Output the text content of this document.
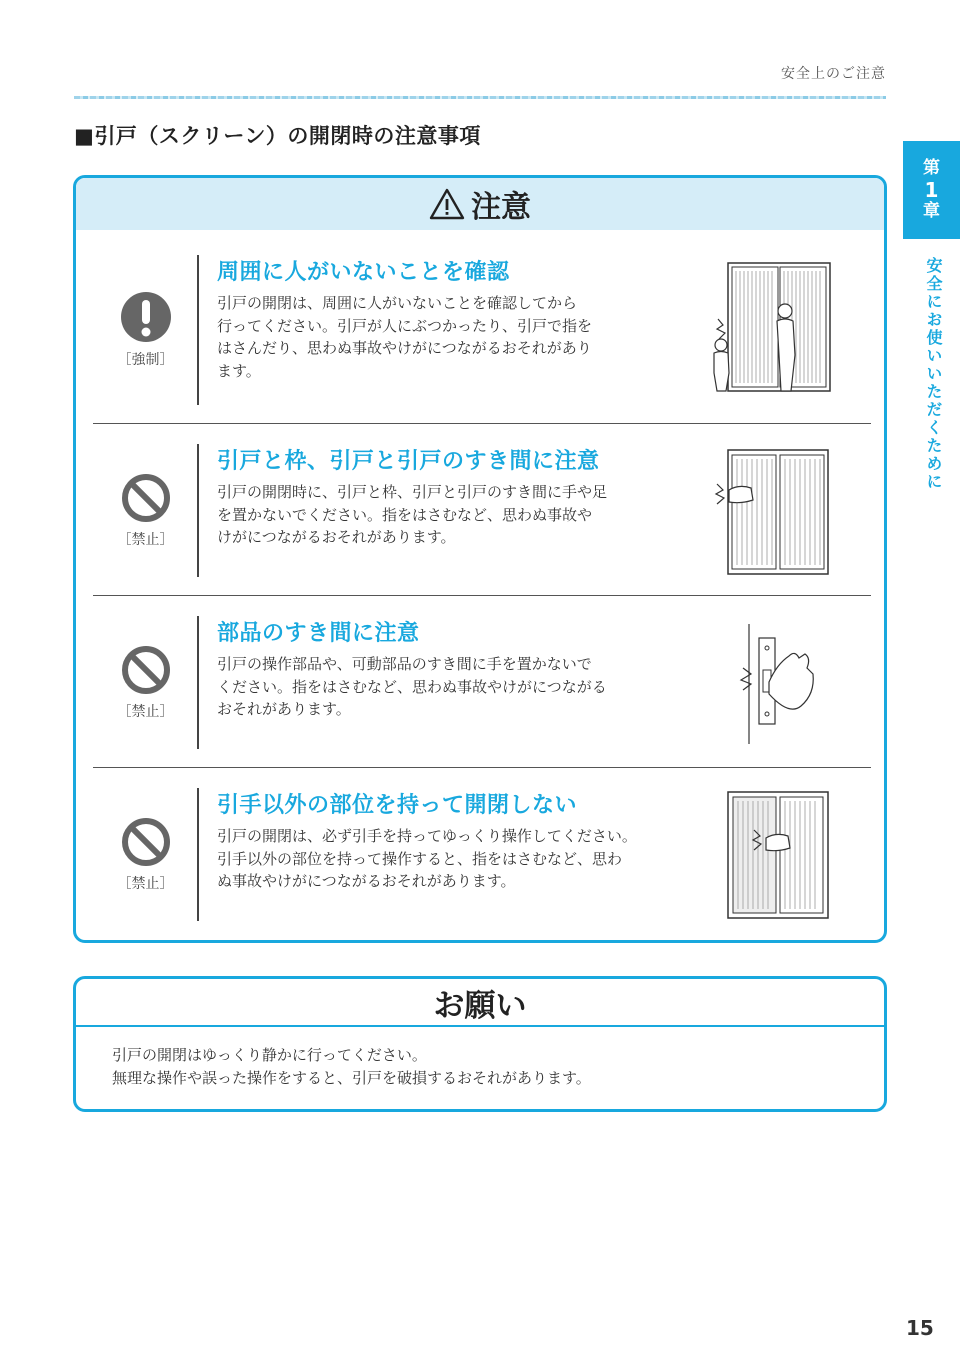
安全上のご注意
■引戸（スクリーン）の開閉時の注意事項
第
1
章
安全にお使いいただくために
注意
［強制］
周囲に人がいないことを確認
引戸の開閉は、周囲に人がいないことを確認してから
行ってください。引戸が人にぶつかったり、引戸で指を
はさんだり、思わぬ事故やけがにつながるおそれがあり
ます。
［禁止］
引戸と枠、引戸と引戸のすき間に注意
引戸の開閉時に、引戸と枠、引戸と引戸のすき間に手や足
を置かないでください。指をはさむなど、思わぬ事故や
けがにつながるおそれがあります。
［禁止］
部品のすき間に注意
引戸の操作部品や、可動部品のすき間に手を置かないで
ください。指をはさむなど、思わぬ事故やけがにつながる
おそれがあります。
［禁止］
引手以外の部位を持って開閉しない
引戸の開閉は、必ず引手を持ってゆっくり操作してください。
引手以外の部位を持って操作すると、指をはさむなど、思わ
ぬ事故やけがにつながるおそれがあります。
お願い
引戸の開閉はゆっくり静かに行ってください。
無理な操作や誤った操作をすると、引戸を破損するおそれがあります。
15
